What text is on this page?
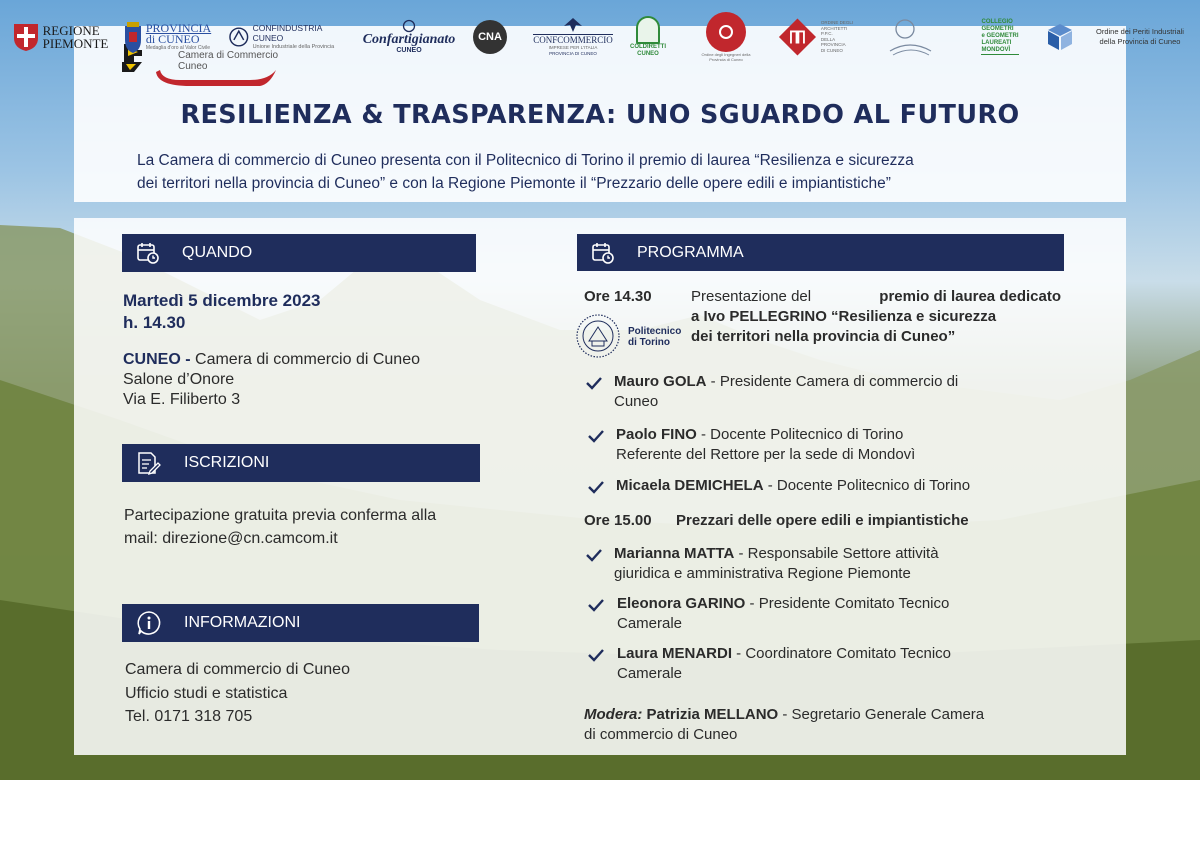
Camera di Commercio
Cuneo
RESILIENZA & TRASPARENZA: UNO SGUARDO AL FUTURO
La Camera di commercio di Cuneo presenta con il Politecnico di Torino il premio di laurea “Resilienza e sicurezza
dei territori nella provincia di Cuneo” e con la Regione Piemonte il “Prezzario delle opere edili e impiantistiche”
QUANDO
Martedì 5 dicembre 2023
h. 14.30
CUNEO - Camera di commercio di Cuneo
Salone d’Onore
Via E. Filiberto 3
ISCRIZIONI
Partecipazione gratuita previa conferma alla
mail: direzione@cn.camcom.it
INFORMAZIONI
Camera di commercio di Cuneo
Ufficio studi e statistica
Tel. 0171 318 705
PROGRAMMA
Ore 14.30	Presentazione del	premio di laurea dedicato
a Ivo PELLEGRINO “Resilienza e sicurezza
dei territori nella provincia di Cuneo”
Politecnico
di Torino
Mauro GOLA - Presidente Camera di commercio di
Cuneo
Paolo FINO - Docente Politecnico di Torino
Referente del Rettore per la sede di Mondovì
Micaela DEMICHELA - Docente Politecnico di Torino
Ore 15.00 Prezzari delle opere edili e impiantistiche
Marianna MATTA - Responsabile Settore attività
giuridica e amministrativa Regione Piemonte
Eleonora GARINO - Presidente Comitato Tecnico
Camerale
Laura MENARDI - Coordinatore Comitato Tecnico
Camerale
Modera: Patrizia MELLANO - Segretario Generale Camera
di commercio di Cuneo
REGIONE
PIEMONTE
PROVINCIA
di CUNEO
Medaglia d'oro al Valor Civile
CONFINDUSTRIA CUNEO
Unione Industriale della Provincia	Confartigianato
CUNEO
CNA	CONFCOMMERCIO
IMPRESE PER L'ITALIA
PROVINCIA DI CUNEO
COLDIRETTI
CUNEO	Ordine degli Ingegneri della Provincia di Cuneo
ORDINE DEGLI
ARCHITETTI P.P.C.
DELLA PROVINCIA
DI CUNEO
COLLEGIO
GEOMETRI
e GEOMETRI
LAUREATI
MONDOVÌ
Ordine dei Periti Industriali
della Provincia di Cuneo
